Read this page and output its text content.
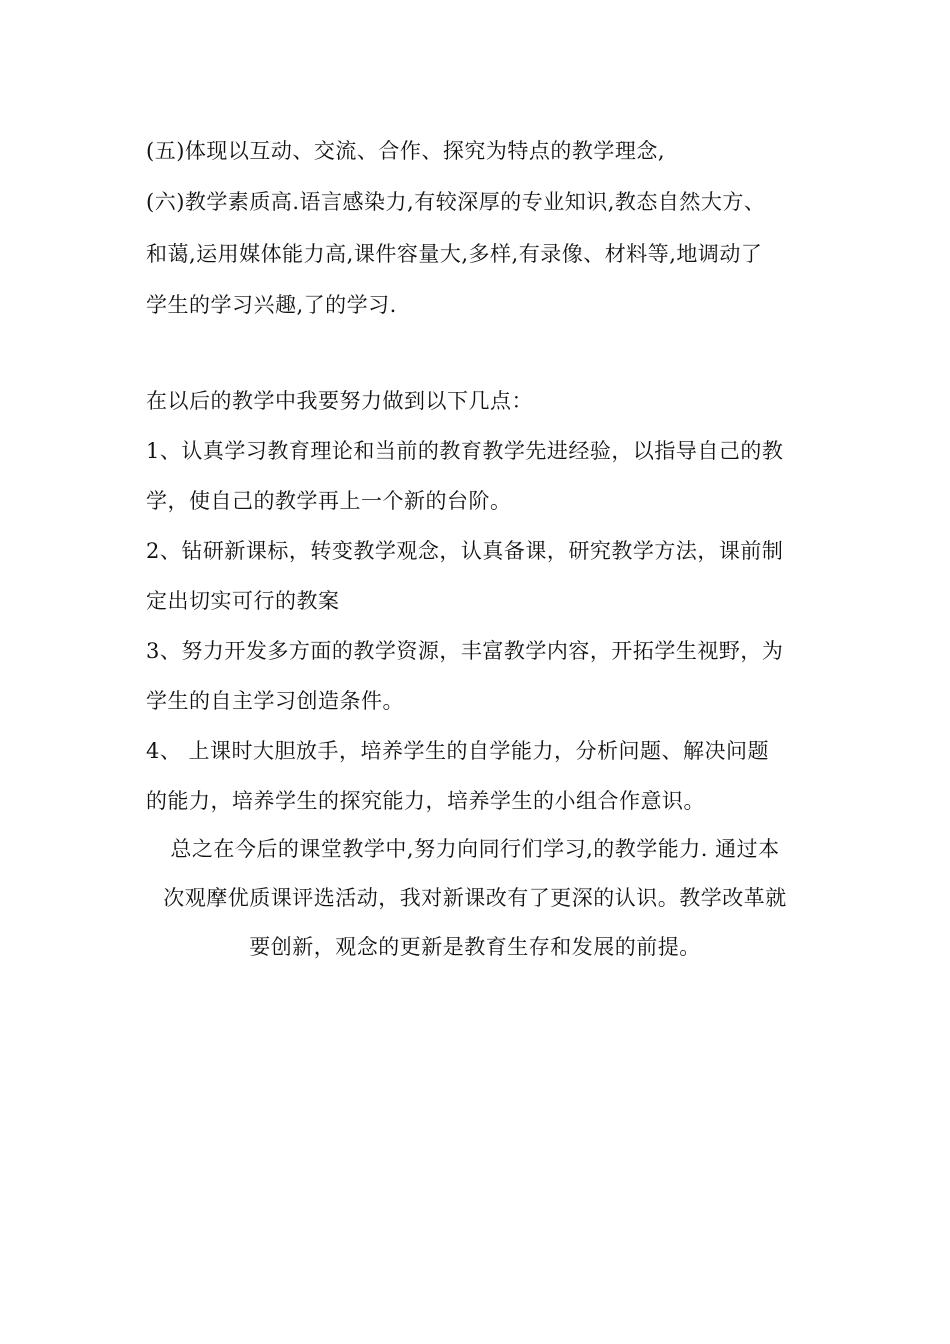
(五)体现以互动、交流、合作、探究为特点的教学理念,
(六)教学素质高.语言感染力,有较深厚的专业知识,教态自然大方、
和蔼,运用媒体能力高,课件容量大,多样,有录像、材料等,地调动了
学生的学习兴趣,了的学习.
在以后的教学中我要努力做到以下几点：
1、认真学习教育理论和当前的教育教学先进经验，以指导自己的教
学，使自己的教学再上一个新的台阶。
2、钻研新课标，转变教学观念，认真备课，研究教学方法，课前制
定出切实可行的教案
3、努力开发多方面的教学资源，丰富教学内容，开拓学生视野，为
学生的自主学习创造条件。
4、 上课时大胆放手，培养学生的自学能力，分析问题、解决问题
的能力，培养学生的探究能力，培养学生的小组合作意识。
总之在今后的课堂教学中,努力向同行们学习,的教学能力. 通过本
次观摩优质课评选活动，我对新课改有了更深的认识。教学改革就
要创新，观念的更新是教育生存和发展的前提。
